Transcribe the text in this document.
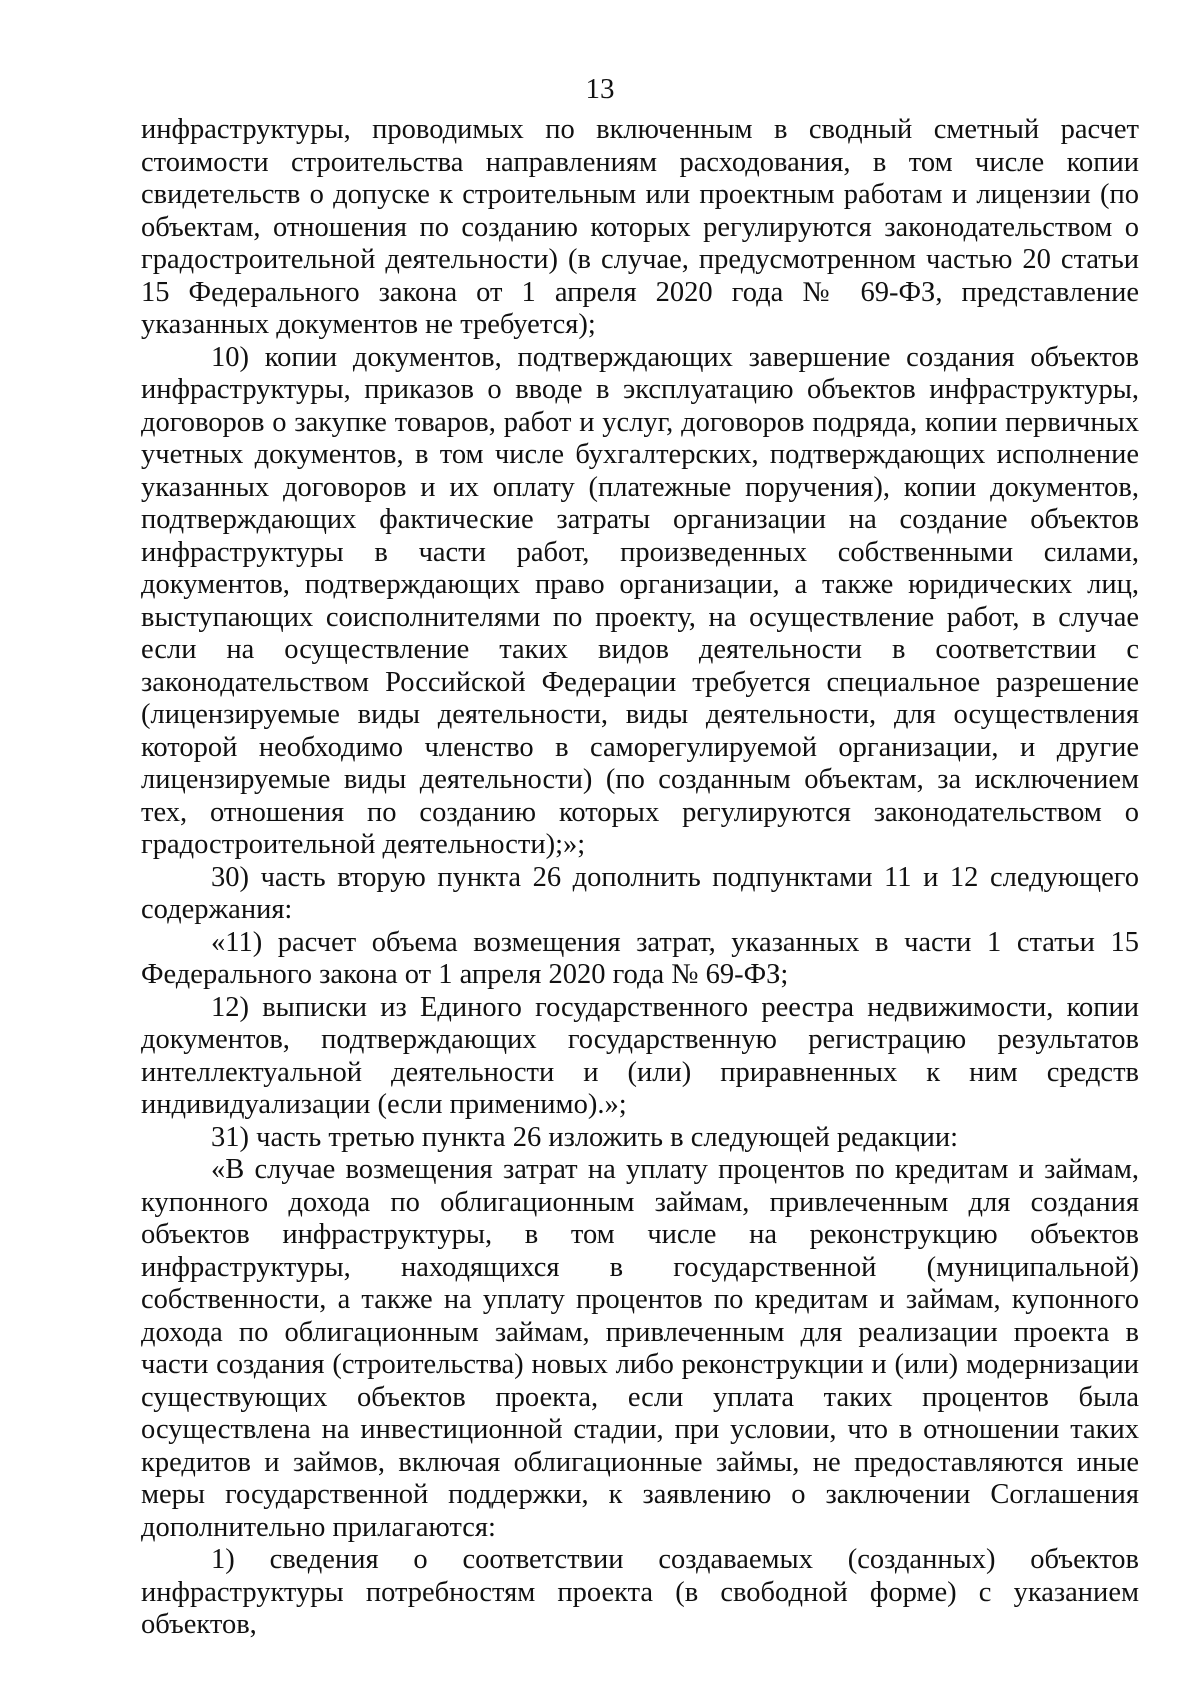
13

инфраструктуры, проводимых по включенным в сводный сметный расчет стоимости строительства направлениям расходования, в том числе копии свидетельств о допуске к строительным или проектным работам и лицензии (по объектам, отношения по созданию которых регулируются законодательством о градостроительной деятельности) (в случае, предусмотренном частью 20 статьи 15 Федерального закона от 1 апреля 2020 года № 69-ФЗ, представление указанных документов не требуется);

10) копии документов, подтверждающих завершение создания объектов инфраструктуры, приказов о вводе в эксплуатацию объектов инфраструктуры, договоров о закупке товаров, работ и услуг, договоров подряда, копии первичных учетных документов, в том числе бухгалтерских, подтверждающих исполнение указанных договоров и их оплату (платежные поручения), копии документов, подтверждающих фактические затраты организации на создание объектов инфраструктуры в части работ, произведенных собственными силами, документов, подтверждающих право организации, а также юридических лиц, выступающих соисполнителями по проекту, на осуществление работ, в случае если на осуществление таких видов деятельности в соответствии с законодательством Российской Федерации требуется специальное разрешение (лицензируемые виды деятельности, виды деятельности, для осуществления которой необходимо членство в саморегулируемой организации, и другие лицензируемые виды деятельности) (по созданным объектам, за исключением тех, отношения по созданию которых регулируются законодательством о градостроительной деятельности);»;

30) часть вторую пункта 26 дополнить подпунктами 11 и 12 следующего содержания:

«11) расчет объема возмещения затрат, указанных в части 1 статьи 15 Федерального закона от 1 апреля 2020 года № 69-ФЗ;

12) выписки из Единого государственного реестра недвижимости, копии документов, подтверждающих государственную регистрацию результатов интеллектуальной деятельности и (или) приравненных к ним средств индивидуализации (если применимо).»;

31) часть третью пункта 26 изложить в следующей редакции:

«В случае возмещения затрат на уплату процентов по кредитам и займам, купонного дохода по облигационным займам, привлеченным для создания объектов инфраструктуры, в том числе на реконструкцию объектов инфраструктуры, находящихся в государственной (муниципальной) собственности, а также на уплату процентов по кредитам и займам, купонного дохода по облигационным займам, привлеченным для реализации проекта в части создания (строительства) новых либо реконструкции и (или) модернизации существующих объектов проекта, если уплата таких процентов была осуществлена на инвестиционной стадии, при условии, что в отношении таких кредитов и займов, включая облигационные займы, не предоставляются иные меры государственной поддержки, к заявлению о заключении Соглашения дополнительно прилагаются:

1) сведения о соответствии создаваемых (созданных) объектов инфраструктуры потребностям проекта (в свободной форме) с указанием объектов,
